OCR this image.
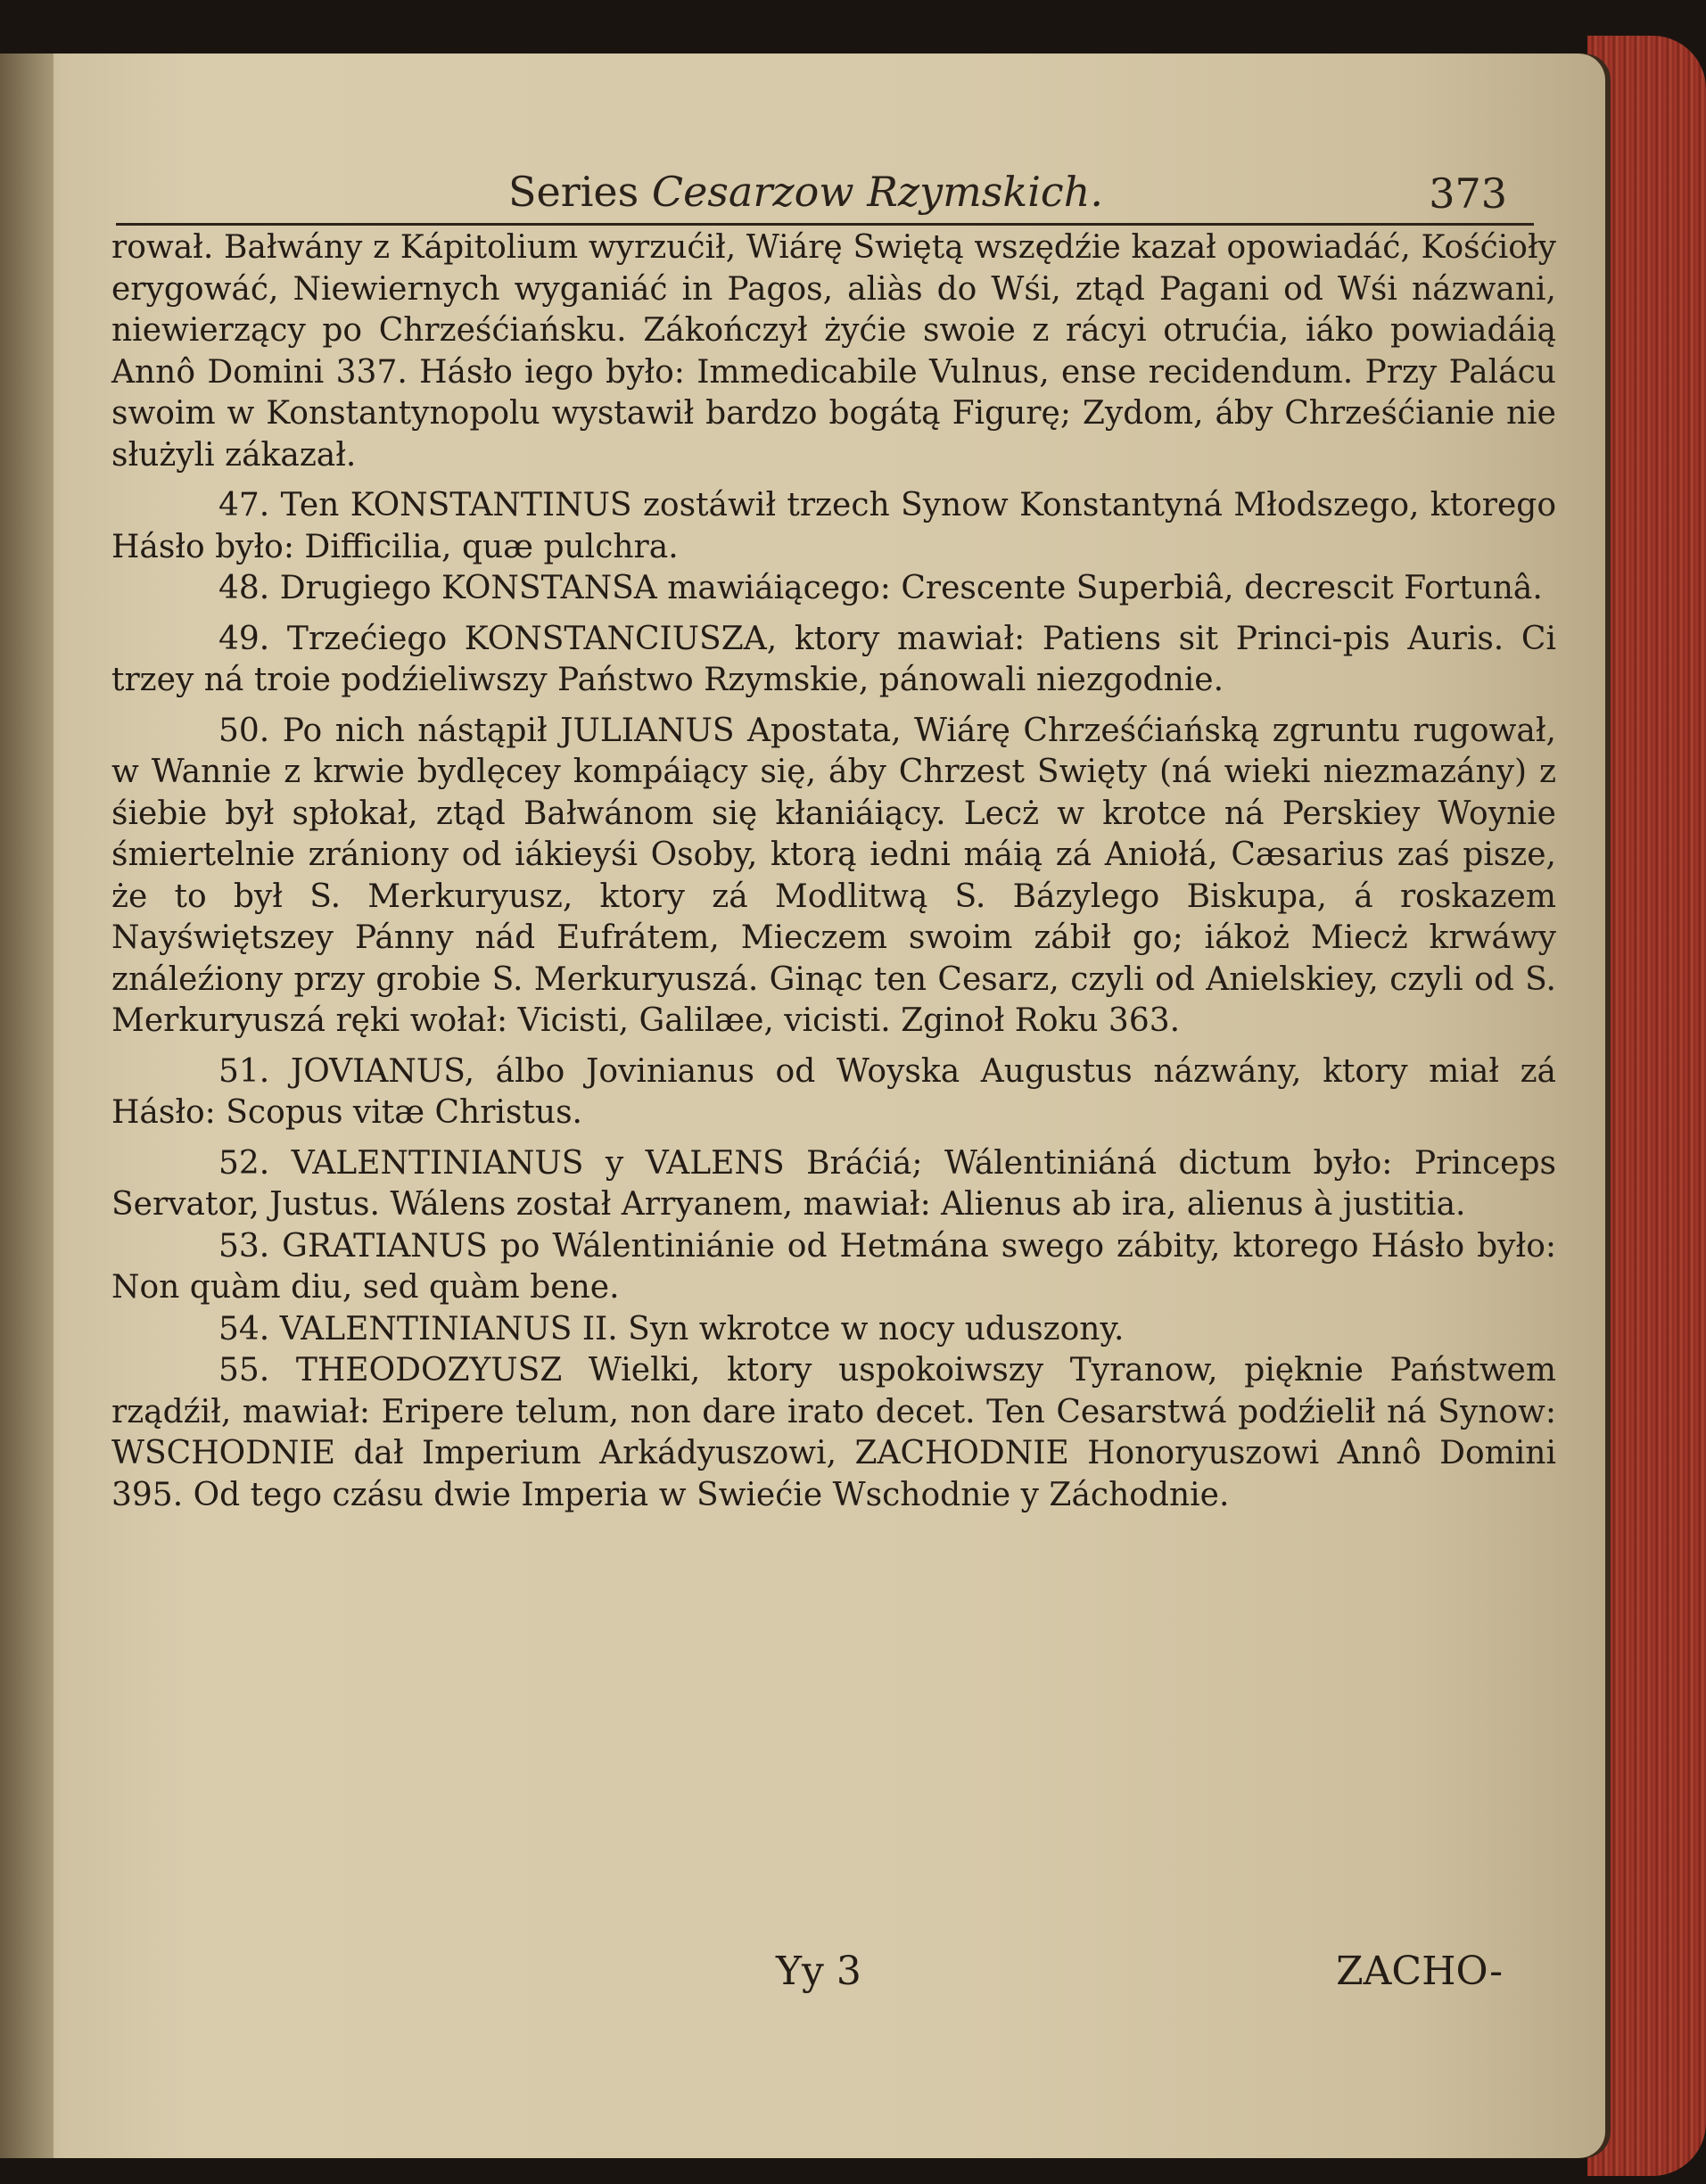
Series Cesarzow Rzymskich.	373

rował. Bałwány z Kápitolium wyrzućił, Wiárę Swiętą wszędźie kazał opowiadáć, Kośćioły erygowáć, Niewiernych wyganiáć in Pagos, aliàs do Wśi, ztąd Pagani od Wśi názwani, niewierzący po Chrześćiańsku. Zákończył żyćie swoie z rácyi otrućia, iáko powiadáią Annô Domini 337. Hásło iego było: Immedicabile Vulnus, ense recidendum. Przy Palácu swoim w Konstantynopolu wystawił bardzo bogátą Figurę; Zydom, áby Chrześćianie nie służyli zákazał.

47. Ten KONSTANTINUS zostáwił trzech Synow Konstantyná Młodszego, ktorego Hásło było: Difficilia, quæ pulchra.

48. Drugiego KONSTANSA mawiáiącego: Crescente Superbiâ, decrescit Fortunâ.

49. Trzećiego KONSTANCIUSZA, ktory mawiał: Patiens sit Princi-pis Auris. Ci trzey ná troie podźieliwszy Państwo Rzymskie, pánowali niezgodnie.

50. Po nich nástąpił JULIANUS Apostata, Wiárę Chrześćiańską zgruntu rugował, w Wannie z krwie bydlęcey kompáiący się, áby Chrzest Swięty (ná wieki niezmazány) z śiebie był spłokał, ztąd Bałwánom się kłaniáiący. Lecż w krotce ná Perskiey Woynie śmiertelnie zrániony od iákieyśi Osoby, ktorą iedni máią zá Aniołá, Cæsarius zaś pisze, że to był S. Merkuryusz, ktory zá Modlitwą S. Bázylego Biskupa, á roskazem Nayświętszey Pánny nád Eufrátem, Mieczem swoim zábił go; iákoż Miecż krwáwy ználeźiony przy grobie S. Merkuryuszá. Ginąc ten Cesarz, czyli od Anielskiey, czyli od S. Merkuryuszá ręki wołał: Vicisti, Galilæe, vicisti. Zginoł Roku 363.

51. JOVIANUS, álbo Jovinianus od Woyska Augustus názwány, ktory miał zá Hásło: Scopus vitæ Christus.

52. VALENTINIANUS y VALENS Bráćiá; Wálentiniáná dictum było: Princeps Servator, Justus. Wálens został Arryanem, mawiał: Alienus ab ira, alienus à justitia.

53. GRATIANUS po Wálentiniánie od Hetmána swego zábity, ktorego Hásło było: Non quàm diu, sed quàm bene.

54. VALENTINIANUS II. Syn wkrotce w nocy uduszony.

55. THEODOZYUSZ Wielki, ktory uspokoiwszy Tyranow, pięknie Państwem rządźił, mawiał: Eripere telum, non dare irato decet. Ten Cesarstwá podźielił ná Synow: WSCHODNIE dał Imperium Arkádyuszowi, ZACHODNIE Honoryuszowi Annô Domini 395. Od tego czásu dwie Imperia w Swiećie Wschodnie y Záchodnie.

Yy 3	ZACHO-
